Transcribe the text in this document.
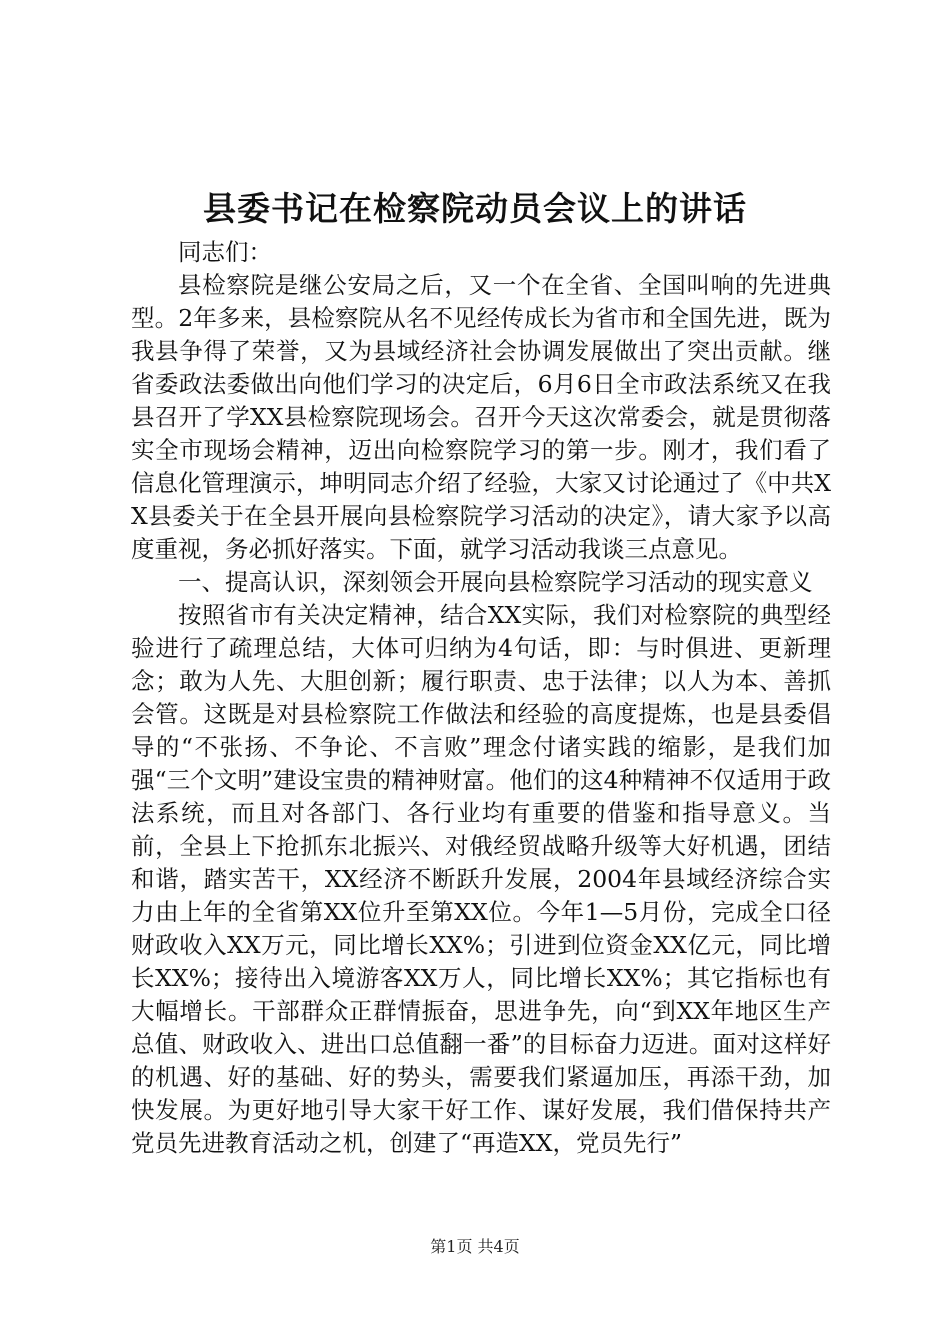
县委书记在检察院动员会议上的讲话

同志们：

县检察院是继公安局之后，又一个在全省、全国叫响的先进典型。2年多来，县检察院从名不见经传成长为省市和全国先进，既为我县争得了荣誉，又为县域经济社会协调发展做出了突出贡献。继省委政法委做出向他们学习的决定后，6月6日全市政法系统又在我县召开了学XX县检察院现场会。召开今天这次常委会，就是贯彻落实全市现场会精神，迈出向检察院学习的第一步。刚才，我们看了信息化管理演示，坤明同志介绍了经验，大家又讨论通过了《中共XX县委关于在全县开展向县检察院学习活动的决定》，请大家予以高度重视，务必抓好落实。下面，就学习活动我谈三点意见。

一、提高认识，深刻领会开展向县检察院学习活动的现实意义

按照省市有关决定精神，结合XX实际，我们对检察院的典型经验进行了疏理总结，大体可归纳为4句话，即：与时俱进、更新理念；敢为人先、大胆创新；履行职责、忠于法律；以人为本、善抓会管。这既是对县检察院工作做法和经验的高度提炼，也是县委倡导的“不张扬、不争论、不言败”理念付诸实践的缩影，是我们加强“三个文明”建设宝贵的精神财富。他们的这4种精神不仅适用于政法系统，而且对各部门、各行业均有重要的借鉴和指导意义。当前，全县上下抢抓东北振兴、对俄经贸战略升级等大好机遇，团结和谐，踏实苦干，XX经济不断跃升发展，2004年县域经济综合实力由上年的全省第XX位升至第XX位。今年1—5月份，完成全口径财政收入XX万元，同比增长XX%；引进到位资金XX亿元，同比增长XX%；接待出入境游客XX万人，同比增长XX%；其它指标也有大幅增长。干部群众正群情振奋，思进争先，向“到XX年地区生产总值、财政收入、进出口总值翻一番”的目标奋力迈进。面对这样好的机遇、好的基础、好的势头，需要我们紧逼加压，再添干劲，加快发展。为更好地引导大家干好工作、谋好发展，我们借保持共产党员先进教育活动之机，创建了“再造XX，党员先行”

第1页 共4页
